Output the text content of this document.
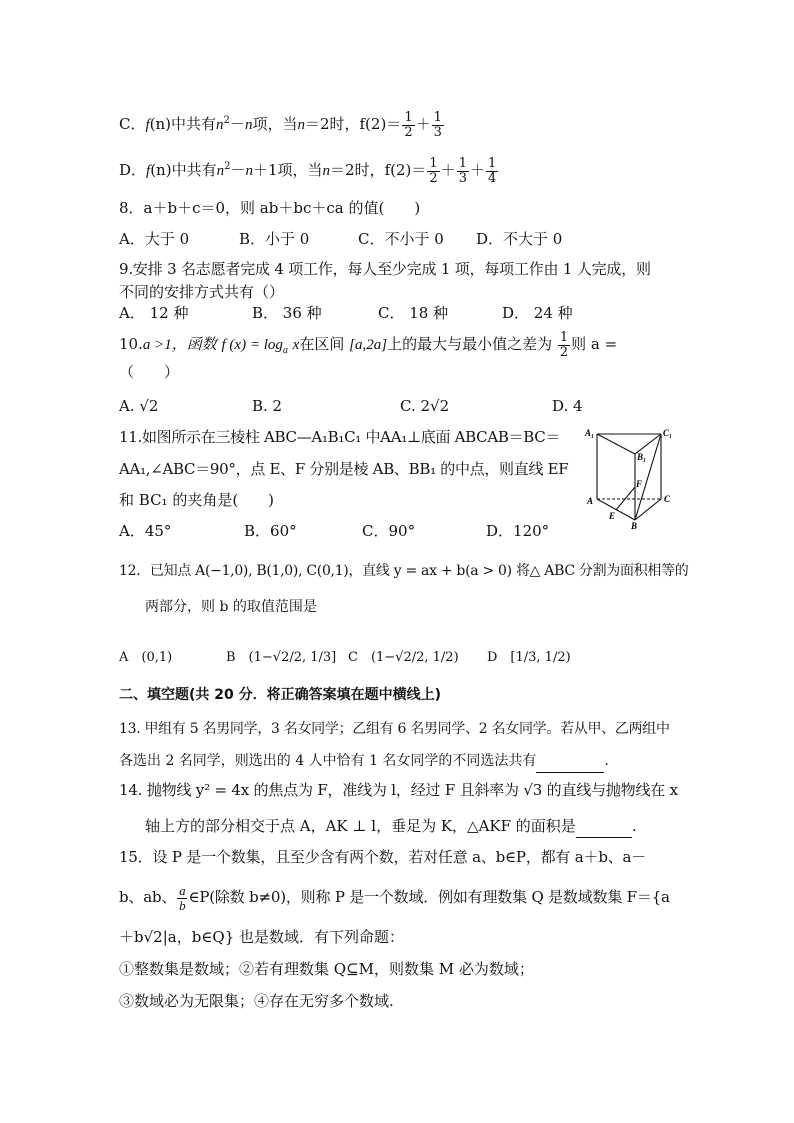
C．f(n)中共有$n^2-n$项，当n＝2时，$f(2)= \frac{1}{2} + \frac{1}{3}$
D．f(n)中共有$n^2-n+1$项，当n＝2时，$f(2)= \frac{1}{2} + \frac{1}{3} + \frac{1}{4}$
8．a＋b＋c＝0，则 ab＋bc＋ca 的值(　　)
A．大于 0	B．小于 0	C．不小于 0 D．不大于 0
9.安排 3 名志愿者完成 4 项工作，每人至少完成 1 项，每项工作由 1 人完成，则
不同的安排方式共有（）
A． 12 种	B． 36 种	C． 18 种	D． 24 种
10.a >1，函数 f $(x) = \log_a x$在区间 [a,2a]上的最大与最小值之差为 $\frac{1}{2}$ 则 a =
（　　）
A. √2	B. 2	C. 2√2	D. 4
11.如图所示在三棱柱 ABC—A₁B₁C₁ 中AA₁⊥底面 ABCAB＝BC＝
AA₁,∠ABC＝90°，点 E、F 分别是棱 AB、BB₁ 的中点，则直线 EF
和 BC₁ 的夹角是(　　)
A．45°	B．60°	C．90°	D．120°
A₁	C₁
B₁
F
A	C
E
B
12．已知点 A(−1,0), B(1,0), C(0,1)，直线 y = ax + b(a > 0) 将△ ABC 分割为面积相等的
两部分，则 b 的取值范围是
A　(0,1)	B　(1−√2/2, 1/3] C　(1−√2/2, 1/2) D　[1/3, 1/2)
二、填空题(共 20 分．将正确答案填在题中横线上)
13. 甲组有 5 名男同学，3 名女同学；乙组有 6 名男同学、2 名女同学。若从甲、乙两组中
各选出 2 名同学，则选出的 4 人中恰有 1 名女同学的不同选法共有	.
14. 抛物线 y² = 4x 的焦点为 F，准线为 l，经过 F 且斜率为 √3 的直线与抛物线在 x
轴上方的部分相交于点 A，AK ⊥ l，垂足为 K，△AKF 的面积是	.
15．设 P 是一个数集，且至少含有两个数，若对任意 a、b∈P，都有 a＋b、a－
b、ab、 $\frac{a}{b}$ ∈P(除数 b≠0)，则称 P 是一个数域．例如有理数集 Q 是数域数集 F＝{a
＋b√2|a，b∈Q} 也是数域．有下列命题：
①整数集是数域；②若有理数集 Q⊆M，则数集 M 必为数域；
③数域必为无限集；④存在无穷多个数域.
